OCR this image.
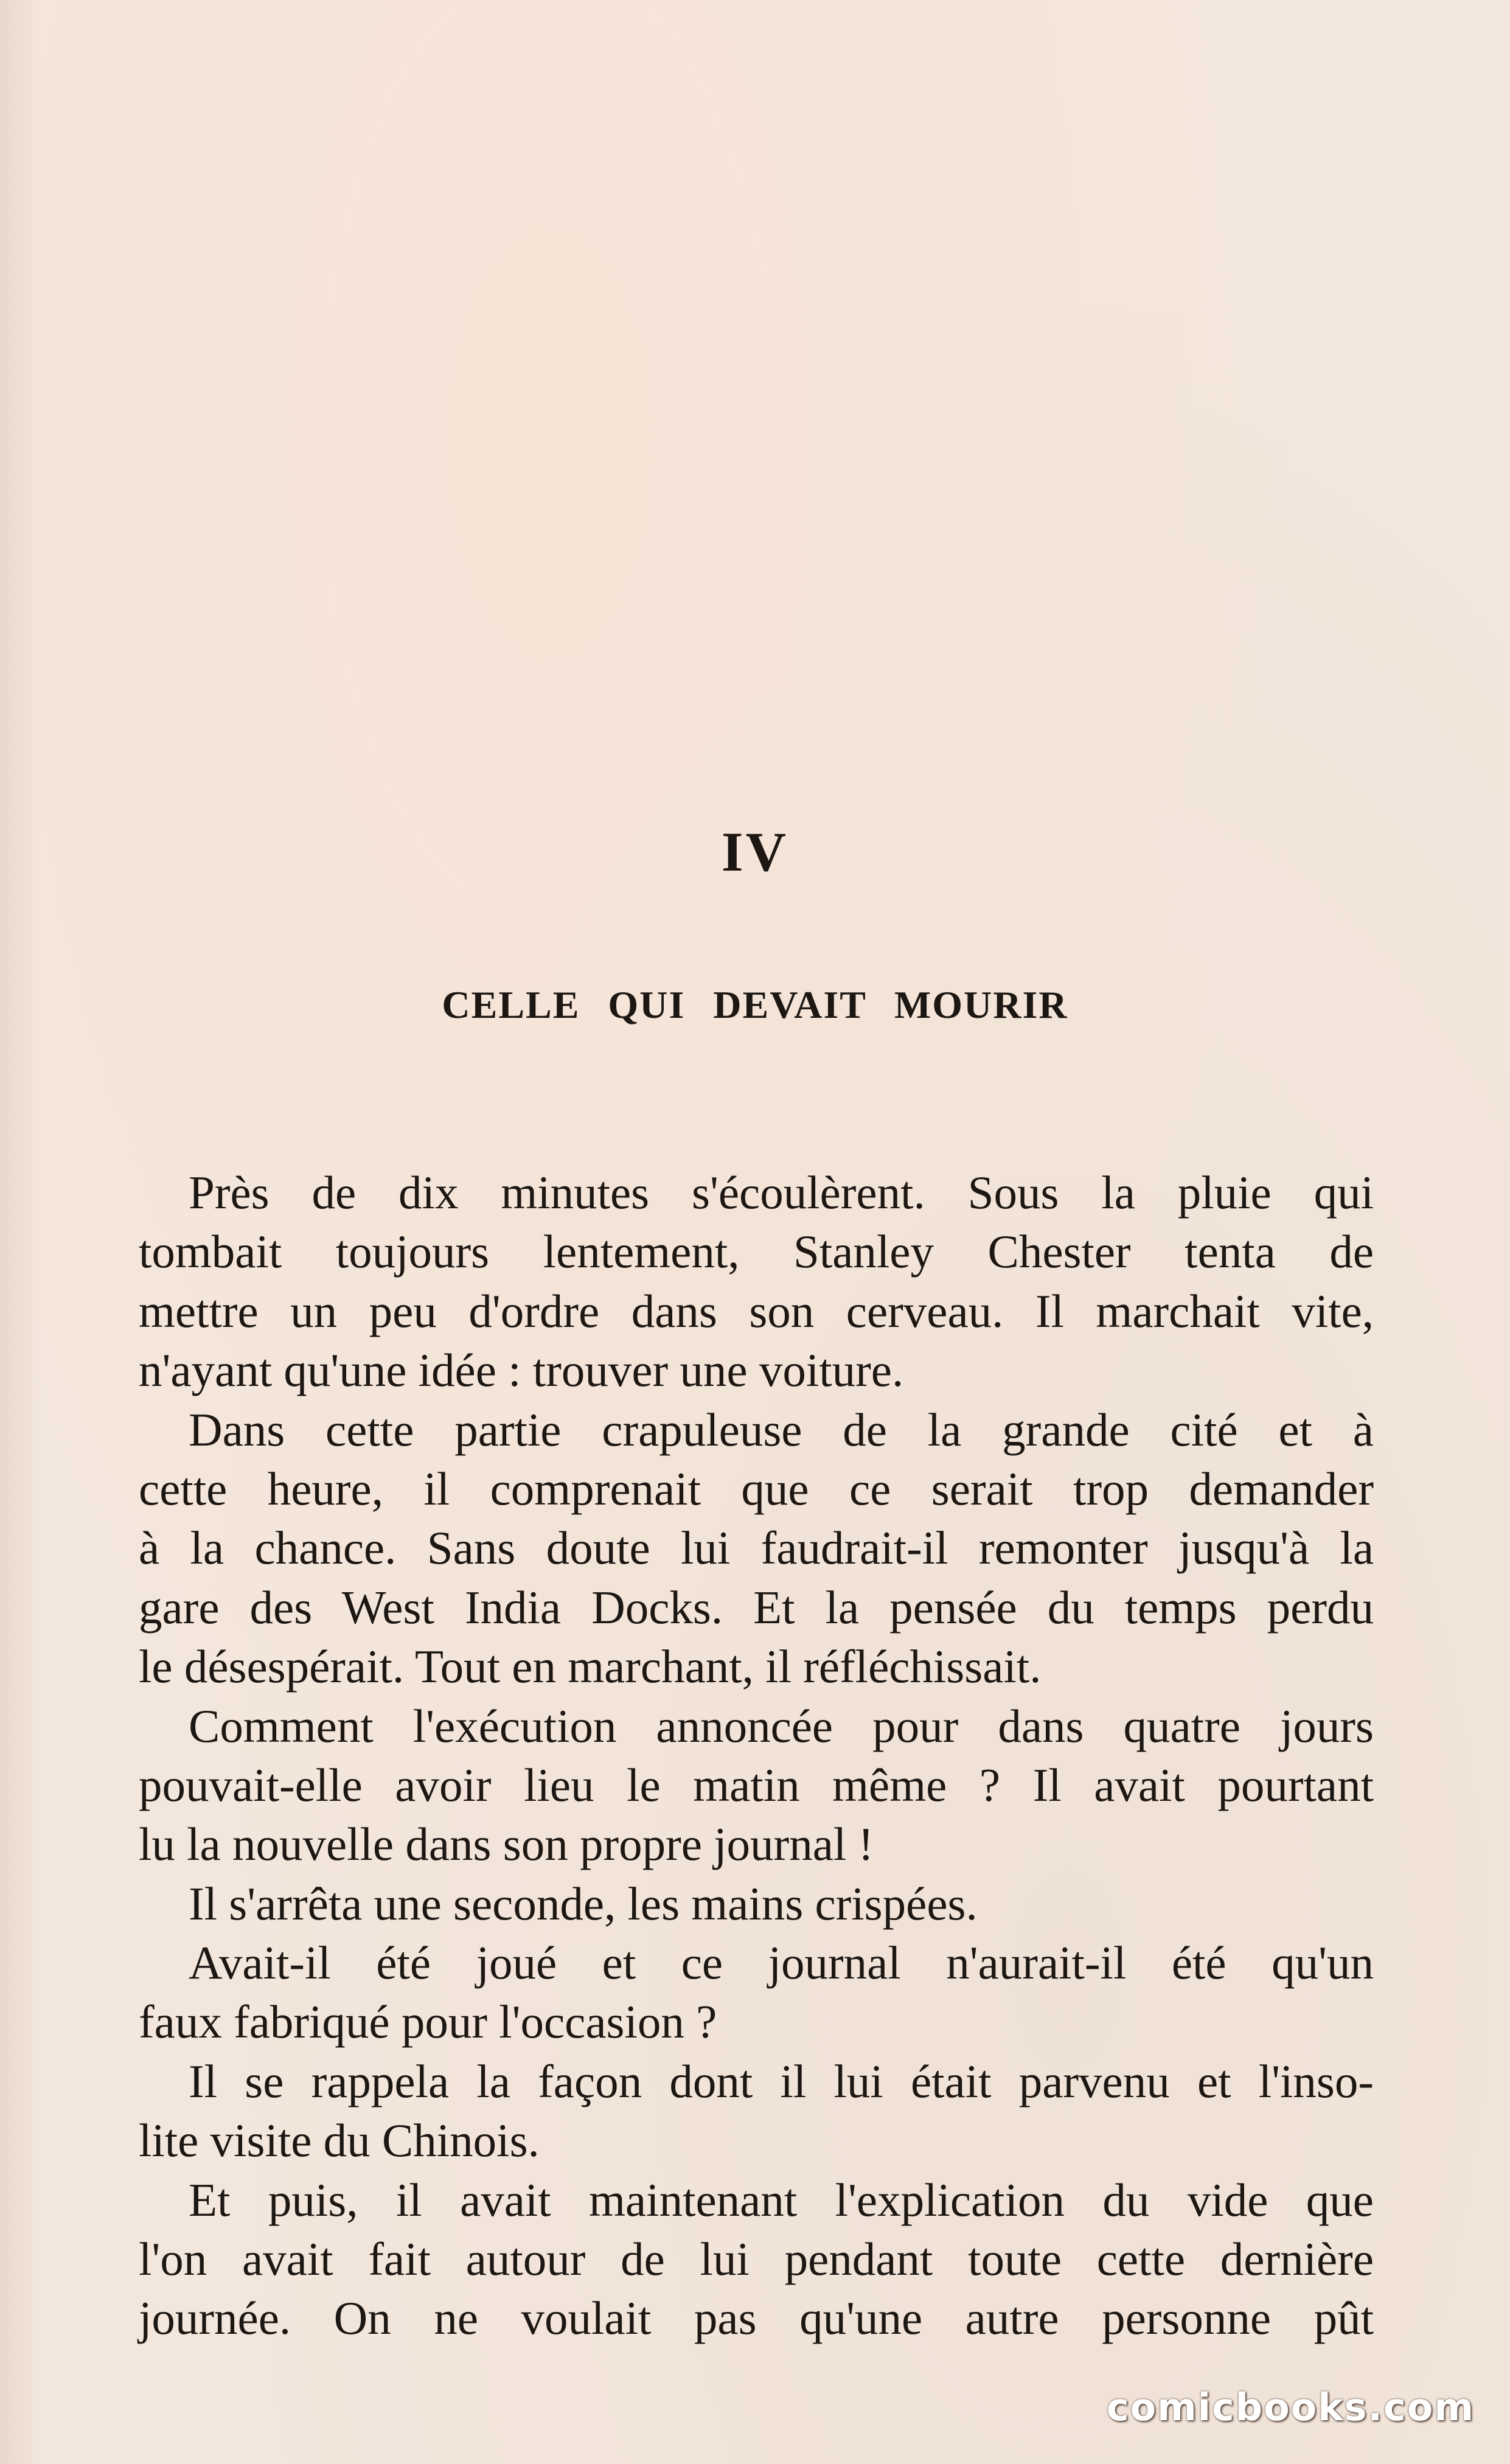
IV
CELLE QUI DEVAIT MOURIR
Près de dix minutes s'écoulèrent. Sous la pluie qui
tombait toujours lentement, Stanley Chester tenta de
mettre un peu d'ordre dans son cerveau. Il marchait vite,
n'ayant qu'une idée : trouver une voiture.
Dans cette partie crapuleuse de la grande cité et à
cette heure, il comprenait que ce serait trop demander
à la chance. Sans doute lui faudrait-il remonter jusqu'à la
gare des West India Docks. Et la pensée du temps perdu
le désespérait. Tout en marchant, il réfléchissait.
Comment l'exécution annoncée pour dans quatre jours
pouvait-elle avoir lieu le matin même ? Il avait pourtant
lu la nouvelle dans son propre journal !
Il s'arrêta une seconde, les mains crispées.
Avait-il été joué et ce journal n'aurait-il été qu'un
faux fabriqué pour l'occasion ?
Il se rappela la façon dont il lui était parvenu et l'inso-
lite visite du Chinois.
Et puis, il avait maintenant l'explication du vide que
l'on avait fait autour de lui pendant toute cette dernière
journée. On ne voulait pas qu'une autre personne pût
comicbooks.com
